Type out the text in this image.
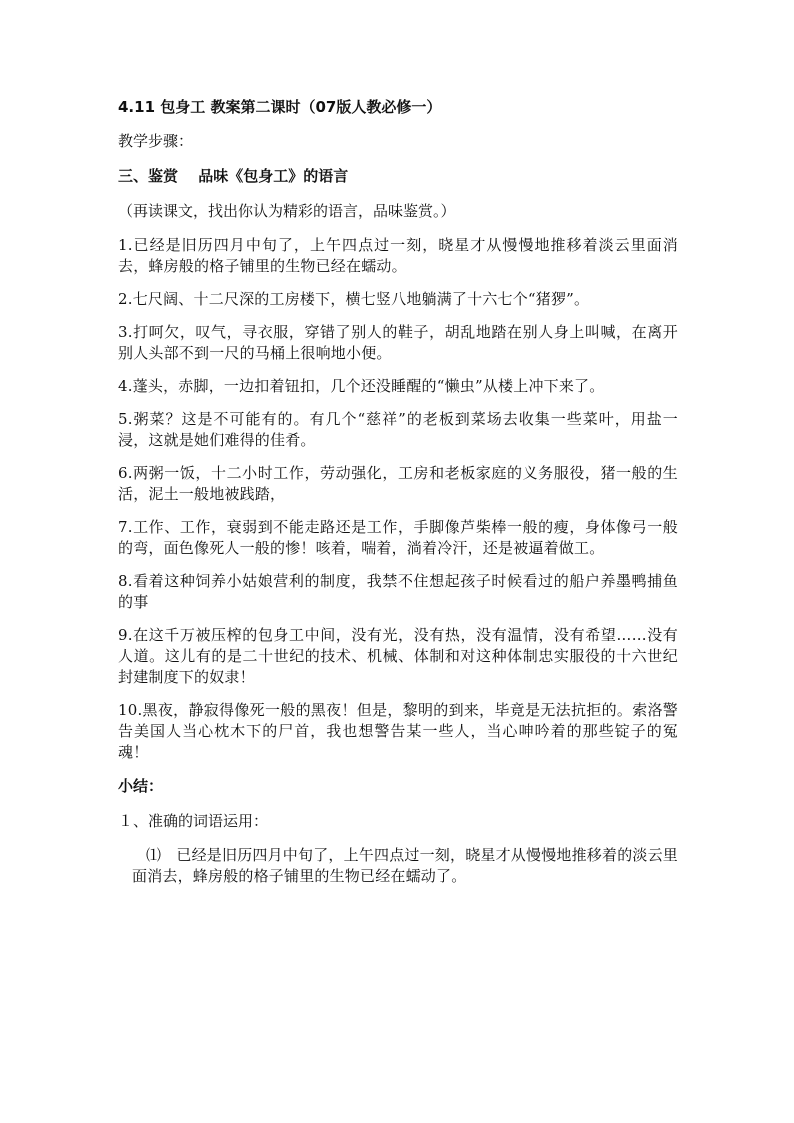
4.11 包身工 教案第二课时（07版人教必修一）

教学步骤：

三、鉴赏　 品味《包身工》的语言

（再读课文，找出你认为精彩的语言，品味鉴赏。）

1.已经是旧历四月中旬了，上午四点过一刻，晓星才从慢慢地推移着淡云里面消去，蜂房般的格子铺里的生物已经在蠕动。

2.七尺阔、十二尺深的工房楼下，横七竖八地躺满了十六七个“猪猡”。

3.打呵欠，叹气，寻衣服，穿错了别人的鞋子，胡乱地踏在别人身上叫喊，在离开别人头部不到一尺的马桶上很响地小便。

4.蓬头，赤脚，一边扣着钮扣，几个还没睡醒的“懒虫”从楼上冲下来了。

5.粥菜？这是不可能有的。有几个“慈祥”的老板到菜场去收集一些菜叶，用盐一浸，这就是她们难得的佳肴。

6.两粥一饭，十二小时工作，劳动强化，工房和老板家庭的义务服役，猪一般的生活，泥土一般地被践踏，

7.工作、工作，衰弱到不能走路还是工作，手脚像芦柴棒一般的瘦，身体像弓一般的弯，面色像死人一般的惨！咳着，喘着，淌着冷汗，还是被逼着做工。

8.看着这种饲养小姑娘营利的制度，我禁不住想起孩子时候看过的船户养墨鸭捕鱼的事

9.在这千万被压榨的包身工中间，没有光，没有热，没有温情，没有希望……没有人道。这儿有的是二十世纪的技术、机械、体制和对这种体制忠实服役的十六世纪封建制度下的奴隶！

10.黑夜，静寂得像死一般的黑夜！但是，黎明的到来，毕竟是无法抗拒的。索洛警告美国人当心枕木下的尸首，我也想警告某一些人，当心呻吟着的那些锭子的冤魂！

小结：

１、准确的词语运用：

⑴　已经是旧历四月中旬了，上午四点过一刻，晓星才从慢慢地推移着的淡云里面消去，蜂房般的格子铺里的生物已经在蠕动了。
